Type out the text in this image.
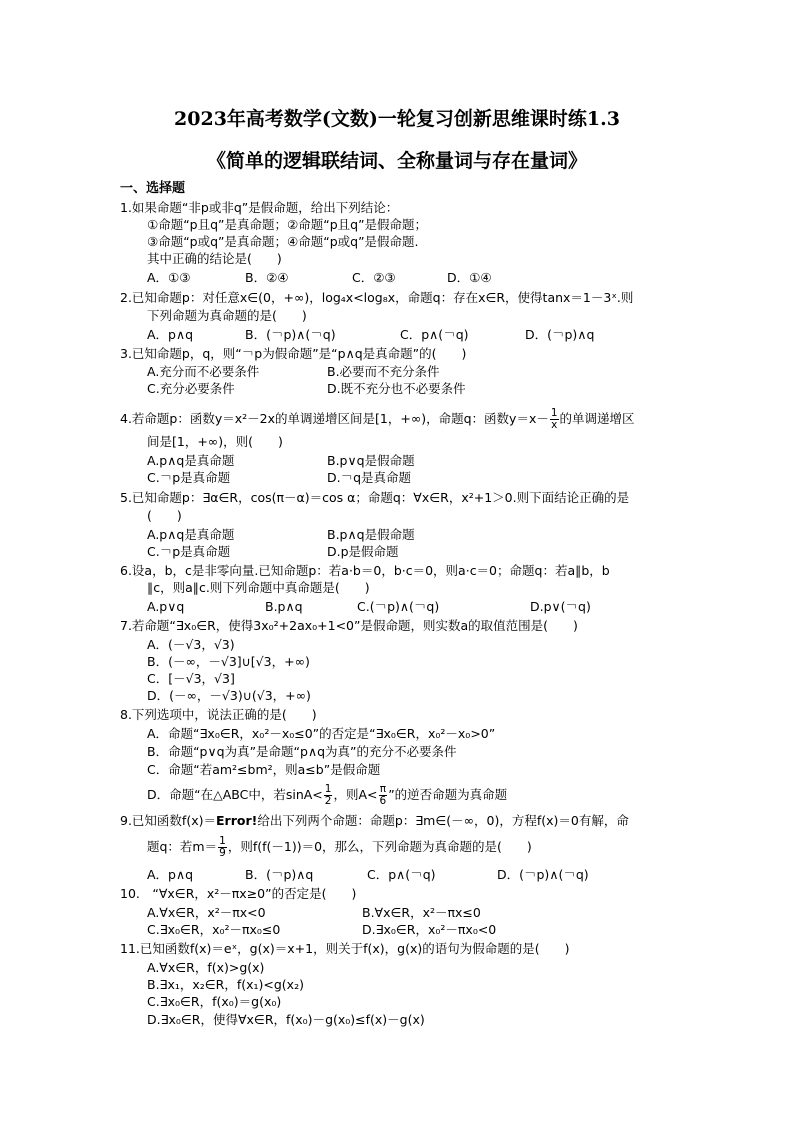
2023年高考数学(文数)一轮复习创新思维课时练1.3
《简单的逻辑联结词、全称量词与存在量词》
一、选择题
1.如果命题“非p或非q”是假命题，给出下列结论：
①命题“p且q”是真命题；②命题“p且q”是假命题；
③命题“p或q”是真命题；④命题“p或q”是假命题.
其中正确的结论是(　　)
A．①③	B．②④	C．②③	D．①④
2.已知命题p：对任意x∈(0，+∞)，log₄x<log₈x，命题q：存在x∈R，使得tanx＝1－3ˣ.则
下列命题为真命题的是(　　)
A．p∧q	B．(￢p)∧(￢q)	C．p∧(￢q)	D．(￢p)∧q
3.已知命题p，q，则“￢p为假命题”是“p∧q是真命题”的(　　)
A.充分而不必要条件	B.必要而不充分条件
C.充分必要条件	D.既不充分也不必要条件
4.若命题p：函数y＝x²－2x的单调递增区间是[1，+∞)，命题q：函数$y=x- \frac{1}{x}$ 的单调递增区
间是[1，+∞)，则(　　)
A.p∧q是真命题	B.p∨q是假命题
C.￢p是真命题	D.￢q是真命题
5.已知命题p：∃α∈R，cos(π－α)＝cos α；命题q：∀x∈R，x²+1＞0.则下面结论正确的是
(　　)
A.p∧q是真命题	B.p∧q是假命题
C.￢p是真命题	D.p是假命题
6.设a，b，c是非零向量.已知命题p：若a·b＝0，b·c＝0，则a·c＝0；命题q：若a∥b，b
∥c，则a∥c.则下列命题中真命题是(　　)
A.p∨q	B.p∧q	C.(￢p)∧(￢q)	D.p∨(￢q)
7.若命题“∃x₀∈R，使得3x₀²+2ax₀+1<0”是假命题，则实数a的取值范围是(　　)
A．(－√3，√3)
B．(－∞，－√3]∪[√3，+∞)
C．[－√3，√3]
D．(－∞，－√3)∪(√3，+∞)
8.下列选项中，说法正确的是(　　)
A．命题“∃x₀∈R，x₀²－x₀≤0”的否定是“∃x₀∈R，x₀²－x₀>0”
B．命题“p∨q为真”是命题“p∧q为真”的充分不必要条件
C．命题“若am²≤bm²，则a≤b”是假命题
D．命题“在△ABC中，若$\sin A< \frac{1}{2}$ ，则$A< \frac{\pi}{6}$ ”的逆否命题为真命题
9.已知函数f(x)＝Error!给出下列两个命题：命题p：∃m∈(－∞，0)，方程f(x)＝0有解，命
题q：若$m= \frac{1}{9}$ ，则f(f(－1))＝0，那么，下列命题为真命题的是(　　)
A．p∧q	B．(￢p)∧q	C．p∧(￢q)	D．(￢p)∧(￢q)
10.　“∀x∈R，x²－πx≥0”的否定是(　　)
A.∀x∈R，x²－πx<0	B.∀x∈R，x²－πx≤0
C.∃x₀∈R，x₀²－πx₀≤0	D.∃x₀∈R，x₀²－πx₀<0
11.已知函数f(x)＝eˣ，g(x)＝x+1，则关于f(x)，g(x)的语句为假命题的是(　　)
A.∀x∈R，f(x)>g(x)
B.∃x₁，x₂∈R，f(x₁)<g(x₂)
C.∃x₀∈R，f(x₀)＝g(x₀)
D.∃x₀∈R，使得∀x∈R，f(x₀)－g(x₀)≤f(x)－g(x)
